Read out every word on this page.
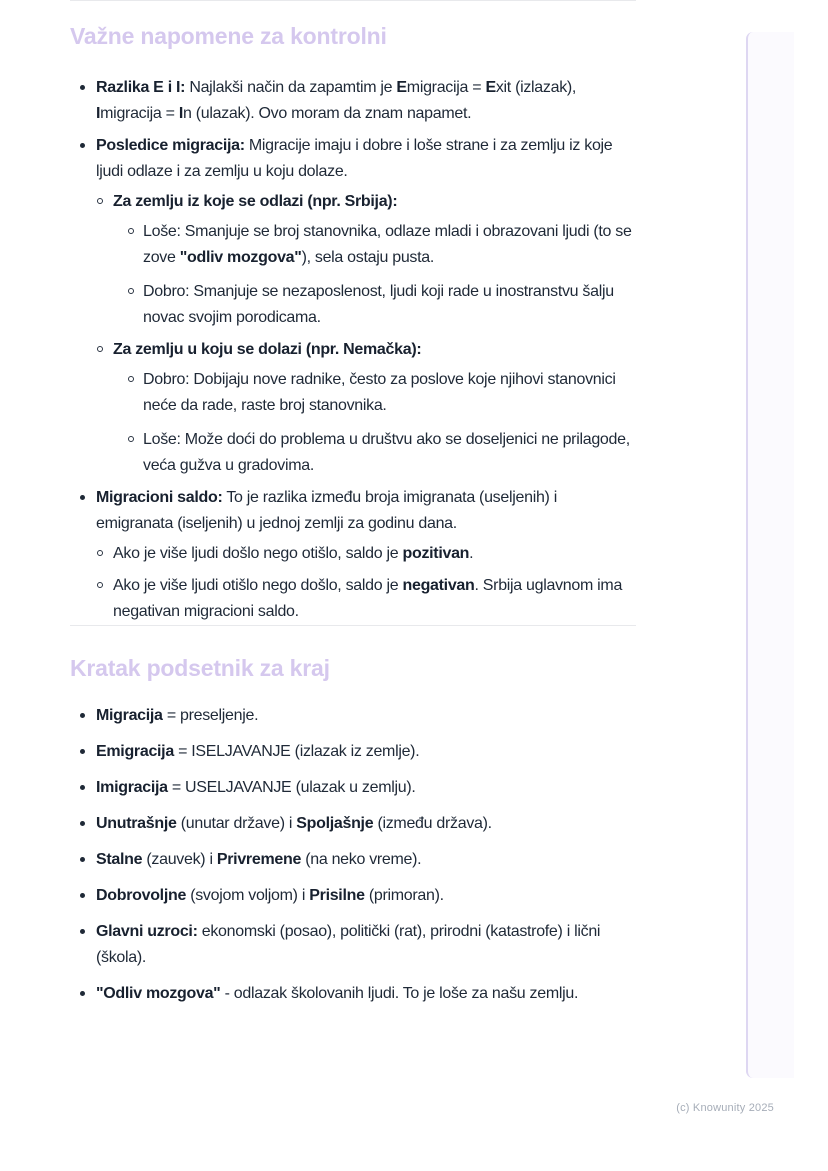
Važne napomene za kontrolni
Razlika E i I: Najlakši način da zapamtim je Emigracija = Exit (izlazak), Imigracija = In (ulazak). Ovo moram da znam napamet.
Posledice migracija: Migracije imaju i dobre i loše strane i za zemlju iz koje ljudi odlaze i za zemlju u koju dolaze.
Za zemlju iz koje se odlazi (npr. Srbija):
Loše: Smanjuje se broj stanovnika, odlaze mladi i obrazovani ljudi (to se zove "odliv mozgova"), sela ostaju pusta.
Dobro: Smanjuje se nezaposlenost, ljudi koji rade u inostranstvu šalju novac svojim porodicama.
Za zemlju u koju se dolazi (npr. Nemačka):
Dobro: Dobijaju nove radnike, često za poslove koje njihovi stanovnici neće da rade, raste broj stanovnika.
Loše: Može doći do problema u društvu ako se doseljenici ne prilagode, veća gužva u gradovima.
Migracioni saldo: To je razlika između broja imigranata (useljenih) i emigranata (iseljenih) u jednoj zemlji za godinu dana.
Ako je više ljudi došlo nego otišlo, saldo je pozitivan.
Ako je više ljudi otišlo nego došlo, saldo je negativan. Srbija uglavnom ima negativan migracioni saldo.
Kratak podsetnik za kraj
Migracija = preseljenje.
Emigracija = ISELJAVANJE (izlazak iz zemlje).
Imigracija = USELJAVANJE (ulazak u zemlju).
Unutrašnje (unutar države) i Spoljašnje (između država).
Stalne (zauvek) i Privremene (na neko vreme).
Dobrovoljne (svojom voljom) i Prisilne (primoran).
Glavni uzroci: ekonomski (posao), politički (rat), prirodni (katastrofe) i lični (škola).
"Odliv mozgova" - odlazak školovanih ljudi. To je loše za našu zemlju.
(c) Knowunity 2025
